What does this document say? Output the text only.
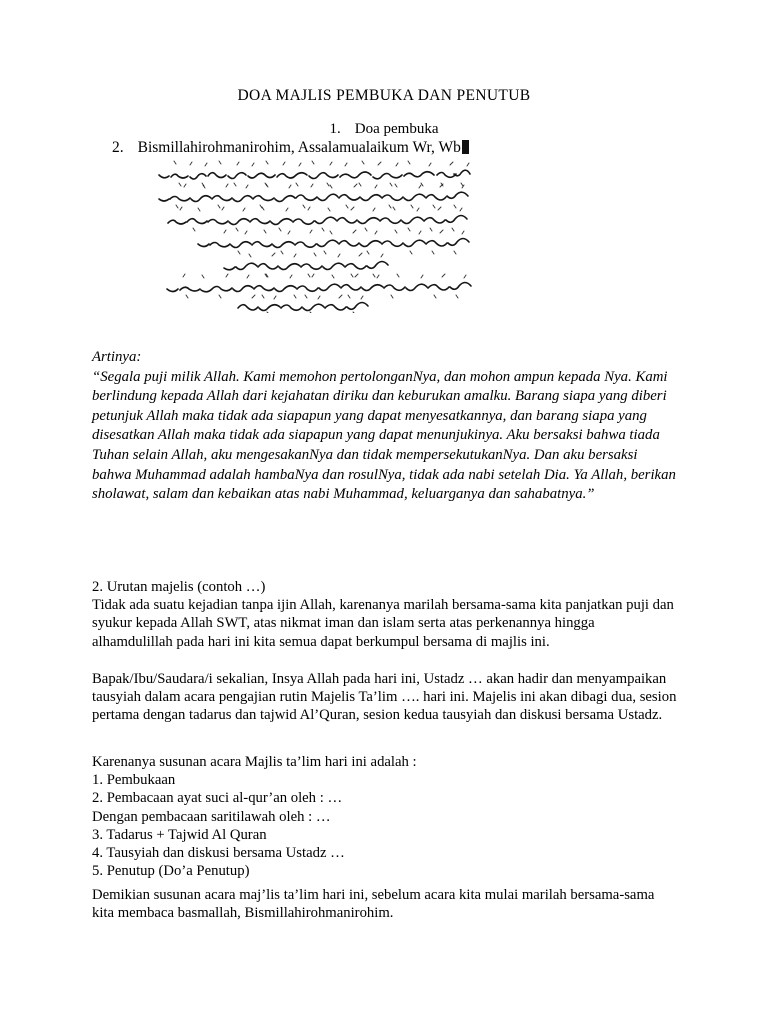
DOA MAJLIS PEMBUKA DAN PENUTUB
1. Doa pembuka
2. Bismillahirohmanirohim, Assalamualaikum Wr, Wb
Artinya:

“Segala puji milik Allah. Kami memohon pertolonganNya, dan mohon ampun kepada Nya. Kami berlindung kepada Allah dari kejahatan diriku dan keburukan amalku. Barang siapa yang diberi petunjuk Allah maka tidak ada siapapun yang dapat menyesatkannya, dan barang siapa yang disesatkan Allah maka tidak ada siapapun yang dapat menunjukinya. Aku bersaksi bahwa tiada Tuhan selain Allah, aku mengesakanNya dan tidak mempersekutukanNya. Dan aku bersaksi bahwa Muhammad adalah hambaNya dan rosulNya, tidak ada nabi setelah Dia. Ya Allah, berikan sholawat, salam dan kebaikan atas nabi Muhammad, keluarganya dan sahabatnya.”

2. Urutan majelis (contoh …)

Tidak ada suatu kejadian tanpa ijin Allah, karenanya marilah bersama-sama kita panjatkan puji dan syukur kepada Allah SWT, atas nikmat iman dan islam serta atas perkenannya hingga alhamdulillah pada hari ini kita semua dapat berkumpul bersama di majlis ini.

Bapak/Ibu/Saudara/i sekalian, Insya Allah pada hari ini, Ustadz … akan hadir dan menyampaikan tausyiah dalam acara pengajian rutin Majelis Ta’lim …. hari ini. Majelis ini akan dibagi dua, sesion pertama dengan tadarus dan tajwid Al’Quran, sesion kedua tausyiah dan diskusi bersama Ustadz.

Karenanya susunan acara Majlis ta’lim hari ini adalah :

1. Pembukaan
2. Pembacaan ayat suci al-qur’an oleh : …
Dengan pembacaan saritilawah oleh : …
3. Tadarus + Tajwid Al Quran
4. Tausyiah dan diskusi bersama Ustadz …
5. Penutup (Do’a Penutup)

Demikian susunan acara maj’lis ta’lim hari ini, sebelum acara kita mulai marilah bersama-sama kita membaca basmallah, Bismillahirohmanirohim.
